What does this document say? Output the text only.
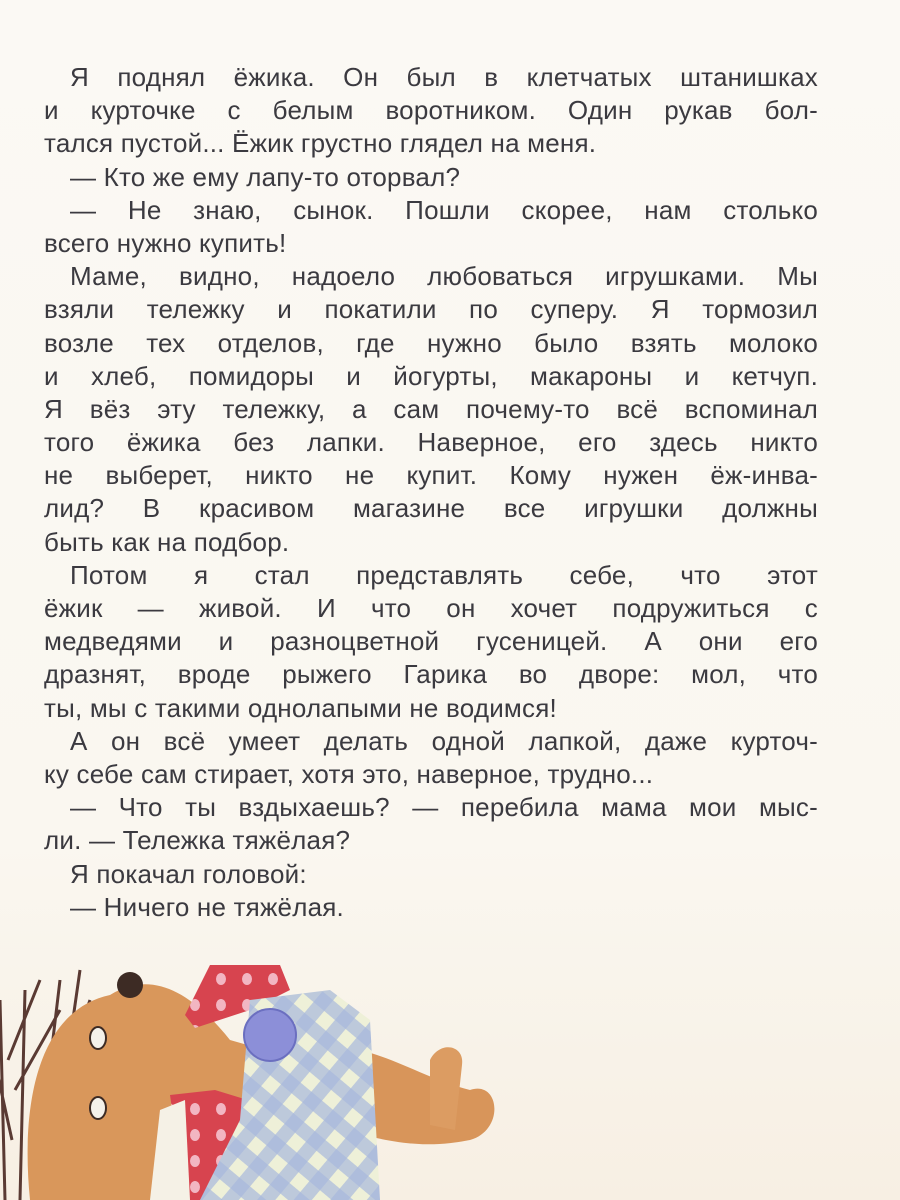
Я поднял ёжика. Он был в клетчатых штанишках
и курточке с белым воротником. Один рукав бол-
тался пустой... Ёжик грустно глядел на меня.
— Кто же ему лапу-то оторвал?
— Не знаю, сынок. Пошли скорее, нам столько
всего нужно купить!
Маме, видно, надоело любоваться игрушками. Мы
взяли тележку и покатили по суперу. Я тормозил
возле тех отделов, где нужно было взять молоко
и хлеб, помидоры и йогурты, макароны и кетчуп.
Я вёз эту тележку, а сам почему-то всё вспоминал
того ёжика без лапки. Наверное, его здесь никто
не выберет, никто не купит. Кому нужен ёж-инва-
лид? В красивом магазине все игрушки должны
быть как на подбор.
Потом я стал представлять себе, что этот
ёжик — живой. И что он хочет подружиться с
медведями и разноцветной гусеницей. А они его
дразнят, вроде рыжего Гарика во дворе: мол, что
ты, мы с такими однолапыми не водимся!
А он всё умеет делать одной лапкой, даже курточ-
ку себе сам стирает, хотя это, наверное, трудно...
— Что ты вздыхаешь? — перебила мама мои мыс-
ли. — Тележка тяжёлая?
Я покачал головой:
— Ничего не тяжёлая.
